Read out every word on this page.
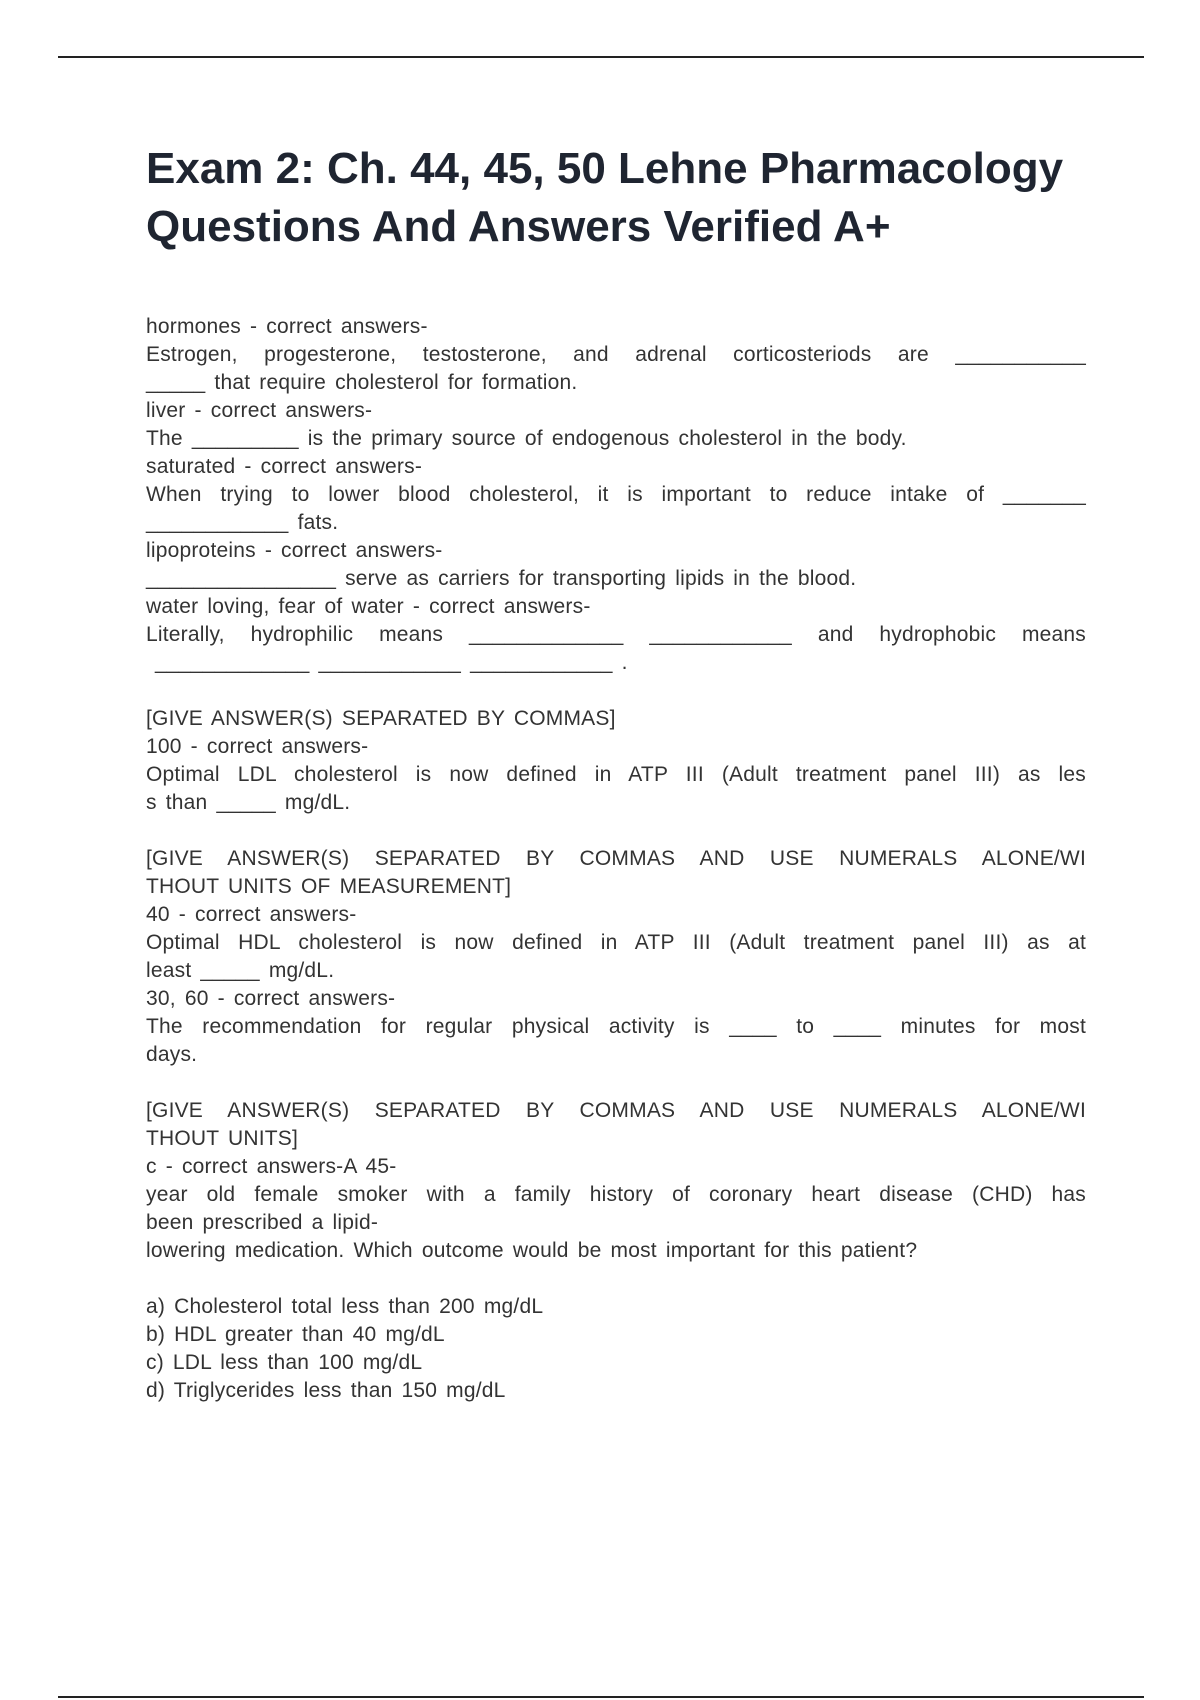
Exam 2: Ch. 44, 45, 50 Lehne Pharmacology Questions And Answers Verified A+
hormones - correct answers-
Estrogen, progesterone, testosterone, and adrenal corticosteriods are ___________
_____ that require cholesterol for formation.
liver - correct answers-
The _________ is the primary source of endogenous cholesterol in the body.
saturated - correct answers-
When trying to lower blood cholesterol, it is important to reduce intake of _______
____________ fats.
lipoproteins - correct answers-
________________ serve as carriers for transporting lipids in the blood.
water loving, fear of water - correct answers-
Literally, hydrophilic means _____________ ____________ and hydrophobic means
_____________ ____________ ____________ .
[GIVE ANSWER(S) SEPARATED BY COMMAS]
100 - correct answers-
Optimal LDL cholesterol is now defined in ATP III (Adult treatment panel III) as les
s than _____ mg/dL.
[GIVE ANSWER(S) SEPARATED BY COMMAS AND USE NUMERALS ALONE/WI
THOUT UNITS OF MEASUREMENT]
40 - correct answers-
Optimal HDL cholesterol is now defined in ATP III (Adult treatment panel III) as at
least _____ mg/dL.
30, 60 - correct answers-
The recommendation for regular physical activity is ____ to ____ minutes for most
days.
[GIVE ANSWER(S) SEPARATED BY COMMAS AND USE NUMERALS ALONE/WI
THOUT UNITS]
c - correct answers-A 45-
year old female smoker with a family history of coronary heart disease (CHD) has
been prescribed a lipid-
lowering medication. Which outcome would be most important for this patient?
a) Cholesterol total less than 200 mg/dL
b) HDL greater than 40 mg/dL
c) LDL less than 100 mg/dL
d) Triglycerides less than 150 mg/dL
